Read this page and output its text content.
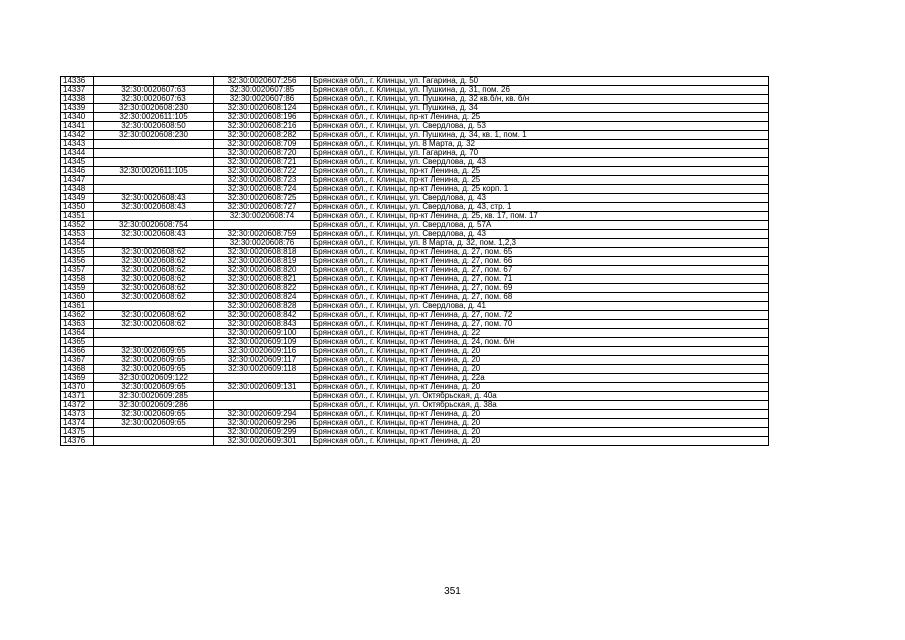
14336		32:30:0020607:256	Брянская обл., г. Клинцы, ул. Гагарина, д. 50
14337	32:30:0020607:63	32:30:0020607:85	Брянская обл., г. Клинцы, ул. Пушкина, д. 31, пом. 26
14338	32:30:0020607:63	32:30:0020607:86	Брянская обл., г. Клинцы, ул. Пушкина, д. 32 кв.б/н, кв. б/н
14339	32:30:0020608:230	32:30:0020608:124	Брянская обл., г. Клинцы, ул. Пушкина, д. 34
14340	32:30:0020611:105	32:30:0020608:196	Брянская обл., г. Клинцы, пр-кт Ленина, д. 25
14341	32:30:0020608:50	32:30:0020608:216	Брянская обл., г. Клинцы, ул. Свердлова, д. 53
14342	32:30:0020608:230	32:30:0020608:282	Брянская обл., г. Клинцы, ул. Пушкина, д. 34, кв. 1, пом. 1
14343		32:30:0020608:709	Брянская обл., г. Клинцы, ул. 8 Марта, д. 32
14344		32:30:0020608:720	Брянская обл., г. Клинцы, ул. Гагарина, д. 70
14345		32:30:0020608:721	Брянская обл., г. Клинцы, ул. Свердлова, д. 43
14346	32:30:0020611:105	32:30:0020608:722	Брянская обл., г. Клинцы, пр-кт Ленина, д. 25
14347		32:30:0020608:723	Брянская обл., г. Клинцы, пр-кт Ленина, д. 25
14348		32:30:0020608:724	Брянская обл., г. Клинцы, пр-кт Ленина, д. 25 корп. 1
14349	32:30:0020608:43	32:30:0020608:725	Брянская обл., г. Клинцы, ул. Свердлова, д. 43
14350	32:30:0020608:43	32:30:0020608:727	Брянская обл., г. Клинцы, ул. Свердлова, д. 43, стр. 1
14351		32:30:0020608:74	Брянская обл., г. Клинцы, пр-кт Ленина, д. 25, кв. 17, пом. 17
14352	32:30:0020608:754		Брянская обл., г. Клинцы, ул. Свердлова, д. 57А
14353	32:30:0020608:43	32:30:0020608:759	Брянская обл., г. Клинцы, ул. Свердлова, д. 43
14354		32:30:0020608:76	Брянская обл., г. Клинцы, ул. 8 Марта, д. 32, пом. 1,2,3
14355	32:30:0020608:62	32:30:0020608:818	Брянская обл., г. Клинцы, пр-кт Ленина, д. 27, пом. 65
14356	32:30:0020608:62	32:30:0020608:819	Брянская обл., г. Клинцы, пр-кт Ленина, д. 27, пом. 66
14357	32:30:0020608:62	32:30:0020608:820	Брянская обл., г. Клинцы, пр-кт Ленина, д. 27, пом. 67
14358	32:30:0020608:62	32:30:0020608:821	Брянская обл., г. Клинцы, пр-кт Ленина, д. 27, пом. 71
14359	32:30:0020608:62	32:30:0020608:822	Брянская обл., г. Клинцы, пр-кт Ленина, д. 27, пом. 69
14360	32:30:0020608:62	32:30:0020608:824	Брянская обл., г. Клинцы, пр-кт Ленина, д. 27, пом. 68
14361		32:30:0020608:828	Брянская обл., г. Клинцы, ул. Свердлова, д. 41
14362	32:30:0020608:62	32:30:0020608:842	Брянская обл., г. Клинцы, пр-кт Ленина, д. 27, пом. 72
14363	32:30:0020608:62	32:30:0020608:843	Брянская обл., г. Клинцы, пр-кт Ленина, д. 27, пом. 70
14364		32:30:0020609:100	Брянская обл., г. Клинцы, пр-кт Ленина, д. 22
14365		32:30:0020609:109	Брянская обл., г. Клинцы, пр-кт Ленина, д. 24, пом. б/н
14366	32:30:0020609:65	32:30:0020609:116	Брянская обл., г. Клинцы, пр-кт Ленина, д. 20
14367	32:30:0020609:65	32:30:0020609:117	Брянская обл., г. Клинцы, пр-кт Ленина, д. 20
14368	32:30:0020609:65	32:30:0020609:118	Брянская обл., г. Клинцы, пр-кт Ленина, д. 20
14369	32:30:0020609:122		Брянская обл., г. Клинцы, пр-кт Ленина, д. 22а
14370	32:30:0020609:65	32:30:0020609:131	Брянская обл., г. Клинцы, пр-кт Ленина, д. 20
14371	32:30:0020609:285		Брянская обл., г. Клинцы, ул. Октябрьская, д. 40а
14372	32:30:0020609:286		Брянская обл., г. Клинцы, ул. Октябрьская, д. 38а
14373	32:30:0020609:65	32:30:0020609:294	Брянская обл., г. Клинцы, пр-кт Ленина, д. 20
14374	32:30:0020609:65	32:30:0020609:296	Брянская обл., г. Клинцы, пр-кт Ленина, д. 20
14375		32:30:0020609:299	Брянская обл., г. Клинцы, пр-кт Ленина, д. 20
14376		32:30:0020609:301	Брянская обл., г. Клинцы, пр-кт Ленина, д. 20
351
